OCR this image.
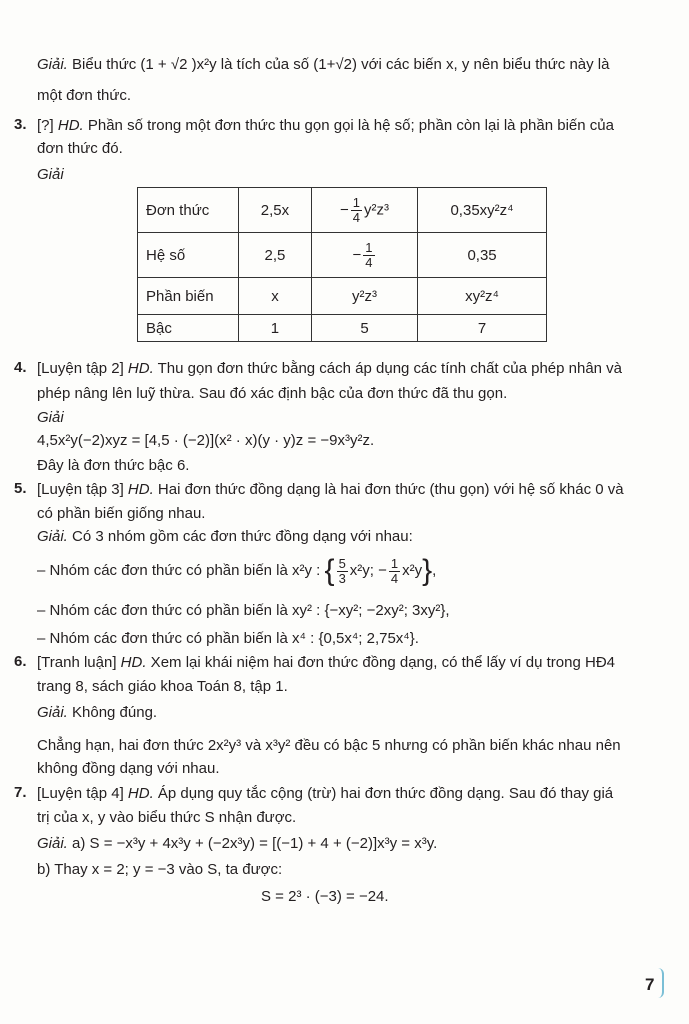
Giải. Biểu thức (1 + √2 )x²y là tích của số (1+√2) với các biến x, y nên biểu thức này là
một đơn thức.
3. [?] HD. Phần số trong một đơn thức thu gọn gọi là hệ số; phần còn lại là phần biến của
đơn thức đó.
Giải
Đơn thức	2,5x	− $\frac{1}{4} y^2z^3$	0,35xy²z⁴
Hệ số	2,5	− $\frac{1}{4}$	0,35
Phần biến	x	y²z³	xy²z⁴
Bậc	1	5	7
4. [Luyện tập 2] HD. Thu gọn đơn thức bằng cách áp dụng các tính chất của phép nhân và
phép nâng lên luỹ thừa. Sau đó xác định bậc của đơn thức đã thu gọn.
Giải
4,5x²y(−2)xyz = [4,5 · (−2)](x² · x)(y · y)z = −9x³y²z.
Đây là đơn thức bậc 6.
5. [Luyện tập 3] HD. Hai đơn thức đồng dạng là hai đơn thức (thu gọn) với hệ số khác 0 và
có phần biến giống nhau.
Giải. Có 3 nhóm gồm các đơn thức đồng dạng với nhau:
– Nhóm các đơn thức có phần biến là x²y : { $\frac{5}{3} x^2y$; − $\frac{1}{4} x^2y$},
– Nhóm các đơn thức có phần biến là xy² : {−xy²; −2xy²; 3xy²},
– Nhóm các đơn thức có phần biến là x⁴ : {0,5x⁴; 2,75x⁴}.
6. [Tranh luận] HD. Xem lại khái niệm hai đơn thức đồng dạng, có thể lấy ví dụ trong HĐ4
trang 8, sách giáo khoa Toán 8, tập 1.
Giải. Không đúng.
Chẳng hạn, hai đơn thức 2x²y³ và x³y² đều có bậc 5 nhưng có phần biến khác nhau nên
không đồng dạng với nhau.
7. [Luyện tập 4] HD. Áp dụng quy tắc cộng (trừ) hai đơn thức đồng dạng. Sau đó thay giá
trị của x, y vào biểu thức S nhận được.
Giải. a) S = −x³y + 4x³y + (−2x³y) = [(−1) + 4 + (−2)]x³y = x³y.
b) Thay x = 2; y = −3 vào S, ta được:
S = 2³ · (−3) = −24.
7
